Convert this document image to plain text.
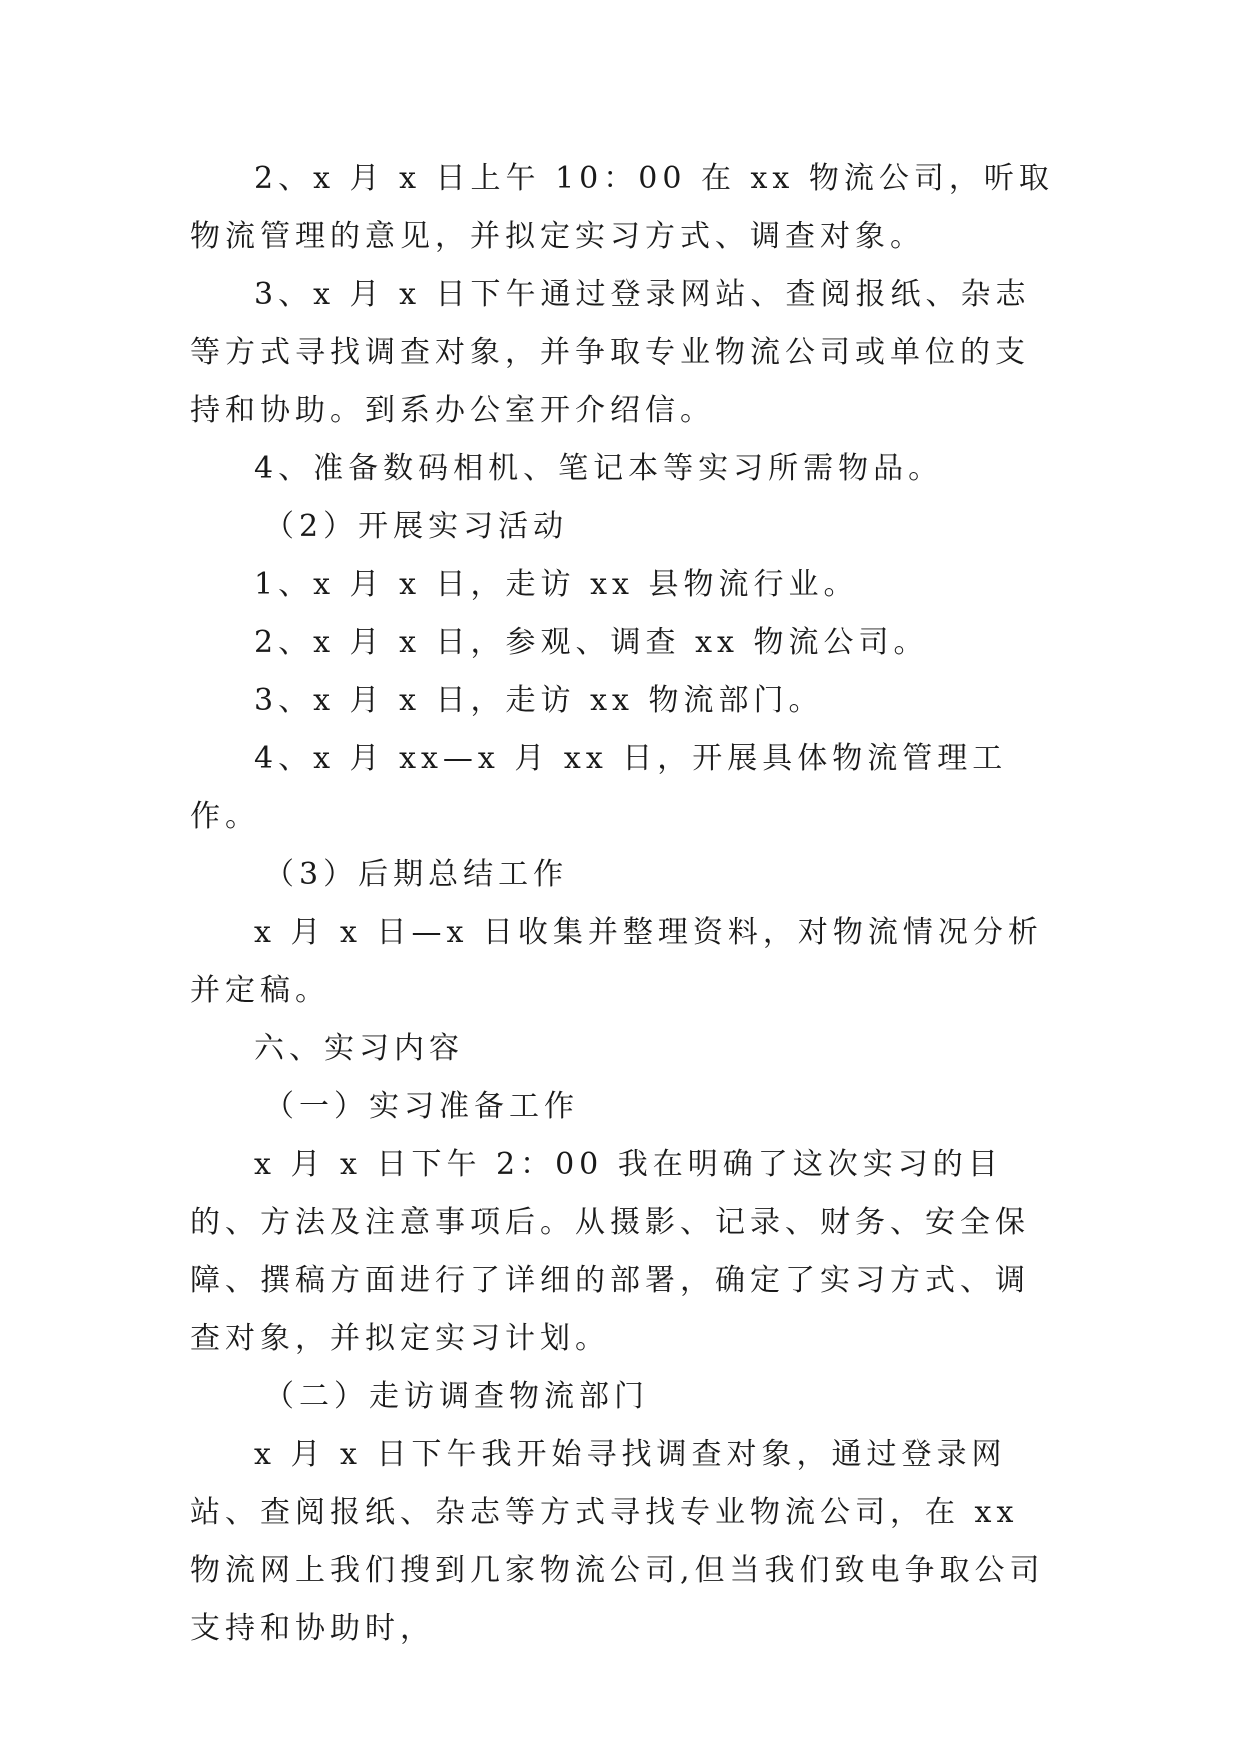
2、x 月 x 日上午 10：00 在 xx 物流公司，听取物流管理的意见，并拟定实习方式、调查对象。

3、x 月 x 日下午通过登录网站、查阅报纸、杂志等方式寻找调查对象，并争取专业物流公司或单位的支持和协助。到系办公室开介绍信。

4、准备数码相机、笔记本等实习所需物品。

（2）开展实习活动

1、x 月 x 日，走访 xx 县物流行业。

2、x 月 x 日，参观、调查 xx 物流公司。

3、x 月 x 日，走访 xx 物流部门。

4、x 月 xx—x 月 xx 日，开展具体物流管理工作。

（3）后期总结工作

x 月 x 日—x 日收集并整理资料，对物流情况分析并定稿。

六、实习内容

（一）实习准备工作

x 月 x 日下午 2：00 我在明确了这次实习的目的、方法及注意事项后。从摄影、记录、财务、安全保障、撰稿方面进行了详细的部署，确定了实习方式、调查对象，并拟定实习计划。

（二）走访调查物流部门

x 月 x 日下午我开始寻找调查对象，通过登录网站、查阅报纸、杂志等方式寻找专业物流公司，在 xx 物流网上我们搜到几家物流公司,但当我们致电争取公司支持和协助时，
